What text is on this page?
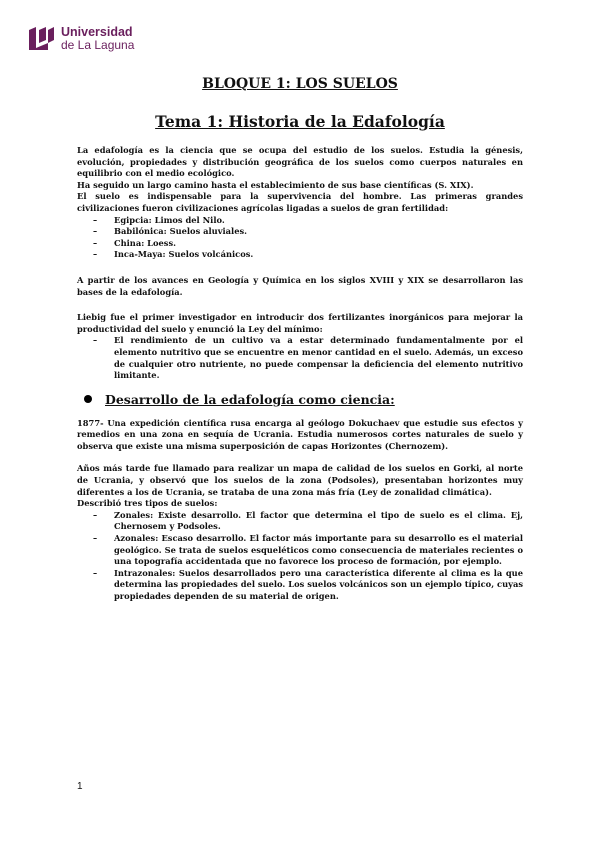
Universidad
de La Laguna
BLOQUE 1: LOS SUELOS
Tema 1: Historia de la Edafología

La edafología es la ciencia que se ocupa del estudio de los suelos. Estudia la génesis, evolución, propiedades y distribución geográfica de los suelos como cuerpos naturales en equilibrio con el medio ecológico.

Ha seguido un largo camino hasta el establecimiento de sus base científicas (S. XIX).

El suelo es indispensable para la supervivencia del hombre. Las primeras grandes civilizaciones fueron civilizaciones agrícolas ligadas a suelos de gran fertilidad:

– Egipcia: Limos del Nilo.
– Babilónica: Suelos aluviales.
– China: Loess.
– Inca-Maya: Suelos volcánicos.

A partir de los avances en Geología y Química en los siglos XVIII y XIX se desarrollaron las bases de la edafología.

Liebig fue el primer investigador en introducir dos fertilizantes inorgánicos para mejorar la productividad del suelo y enunció la Ley del mínimo:

– El rendimiento de un cultivo va a estar determinado fundamentalmente por el elemento nutritivo que se encuentre en menor cantidad en el suelo. Además, un exceso de cualquier otro nutriente, no puede compensar la deficiencia del elemento nutritivo limitante.
Desarrollo de la edafología como ciencia:

1877- Una expedición científica rusa encarga al geólogo Dokuchaev que estudie sus efectos y remedios en una zona en sequía de Ucrania. Estudia numerosos cortes naturales de suelo y observa que existe una misma superposición de capas Horizontes (Chernozem).

Años más tarde fue llamado para realizar un mapa de calidad de los suelos en Gorki, al norte de Ucrania, y observó que los suelos de la zona (Podsoles), presentaban horizontes muy diferentes a los de Ucrania, se trataba de una zona más fría (Ley de zonalidad climática).

Describió tres tipos de suelos:

– Zonales: Existe desarrollo. El factor que determina el tipo de suelo es el clima. Ej, Chernosem y Podsoles.
– Azonales: Escaso desarrollo. El factor más importante para su desarrollo es el material geológico. Se trata de suelos esqueléticos como consecuencia de materiales recientes o una topografía accidentada que no favorece los proceso de formación, por ejemplo.
– Intrazonales: Suelos desarrollados pero una característica diferente al clima es la que determina las propiedades del suelo. Los suelos volcánicos son un ejemplo típico, cuyas propiedades dependen de su material de origen.
1
